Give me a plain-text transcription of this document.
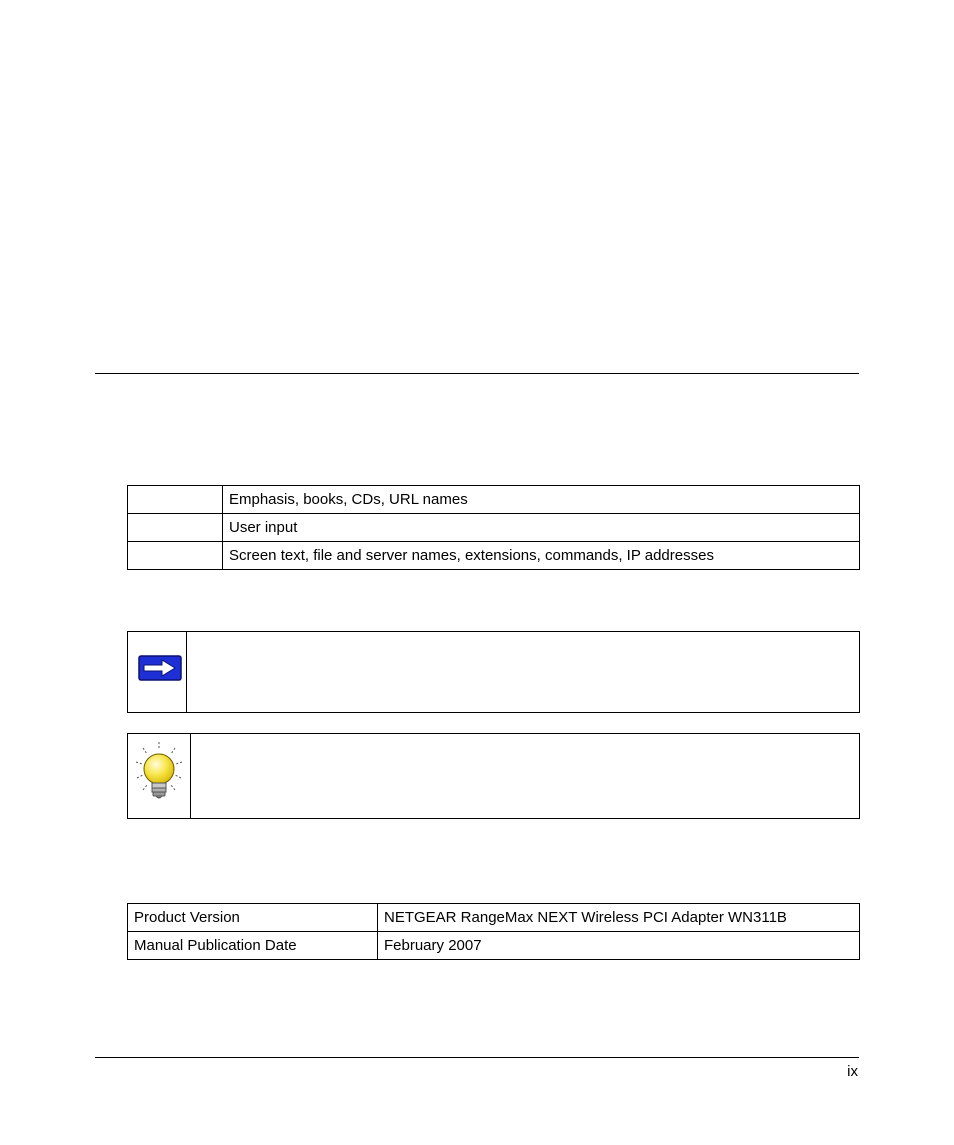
	Emphasis, books, CDs, URL names
	User input
	Screen text, file and server names, extensions, commands, IP addresses
Product Version	NETGEAR RangeMax NEXT Wireless PCI Adapter WN311B
Manual Publication Date	February 2007
ix
